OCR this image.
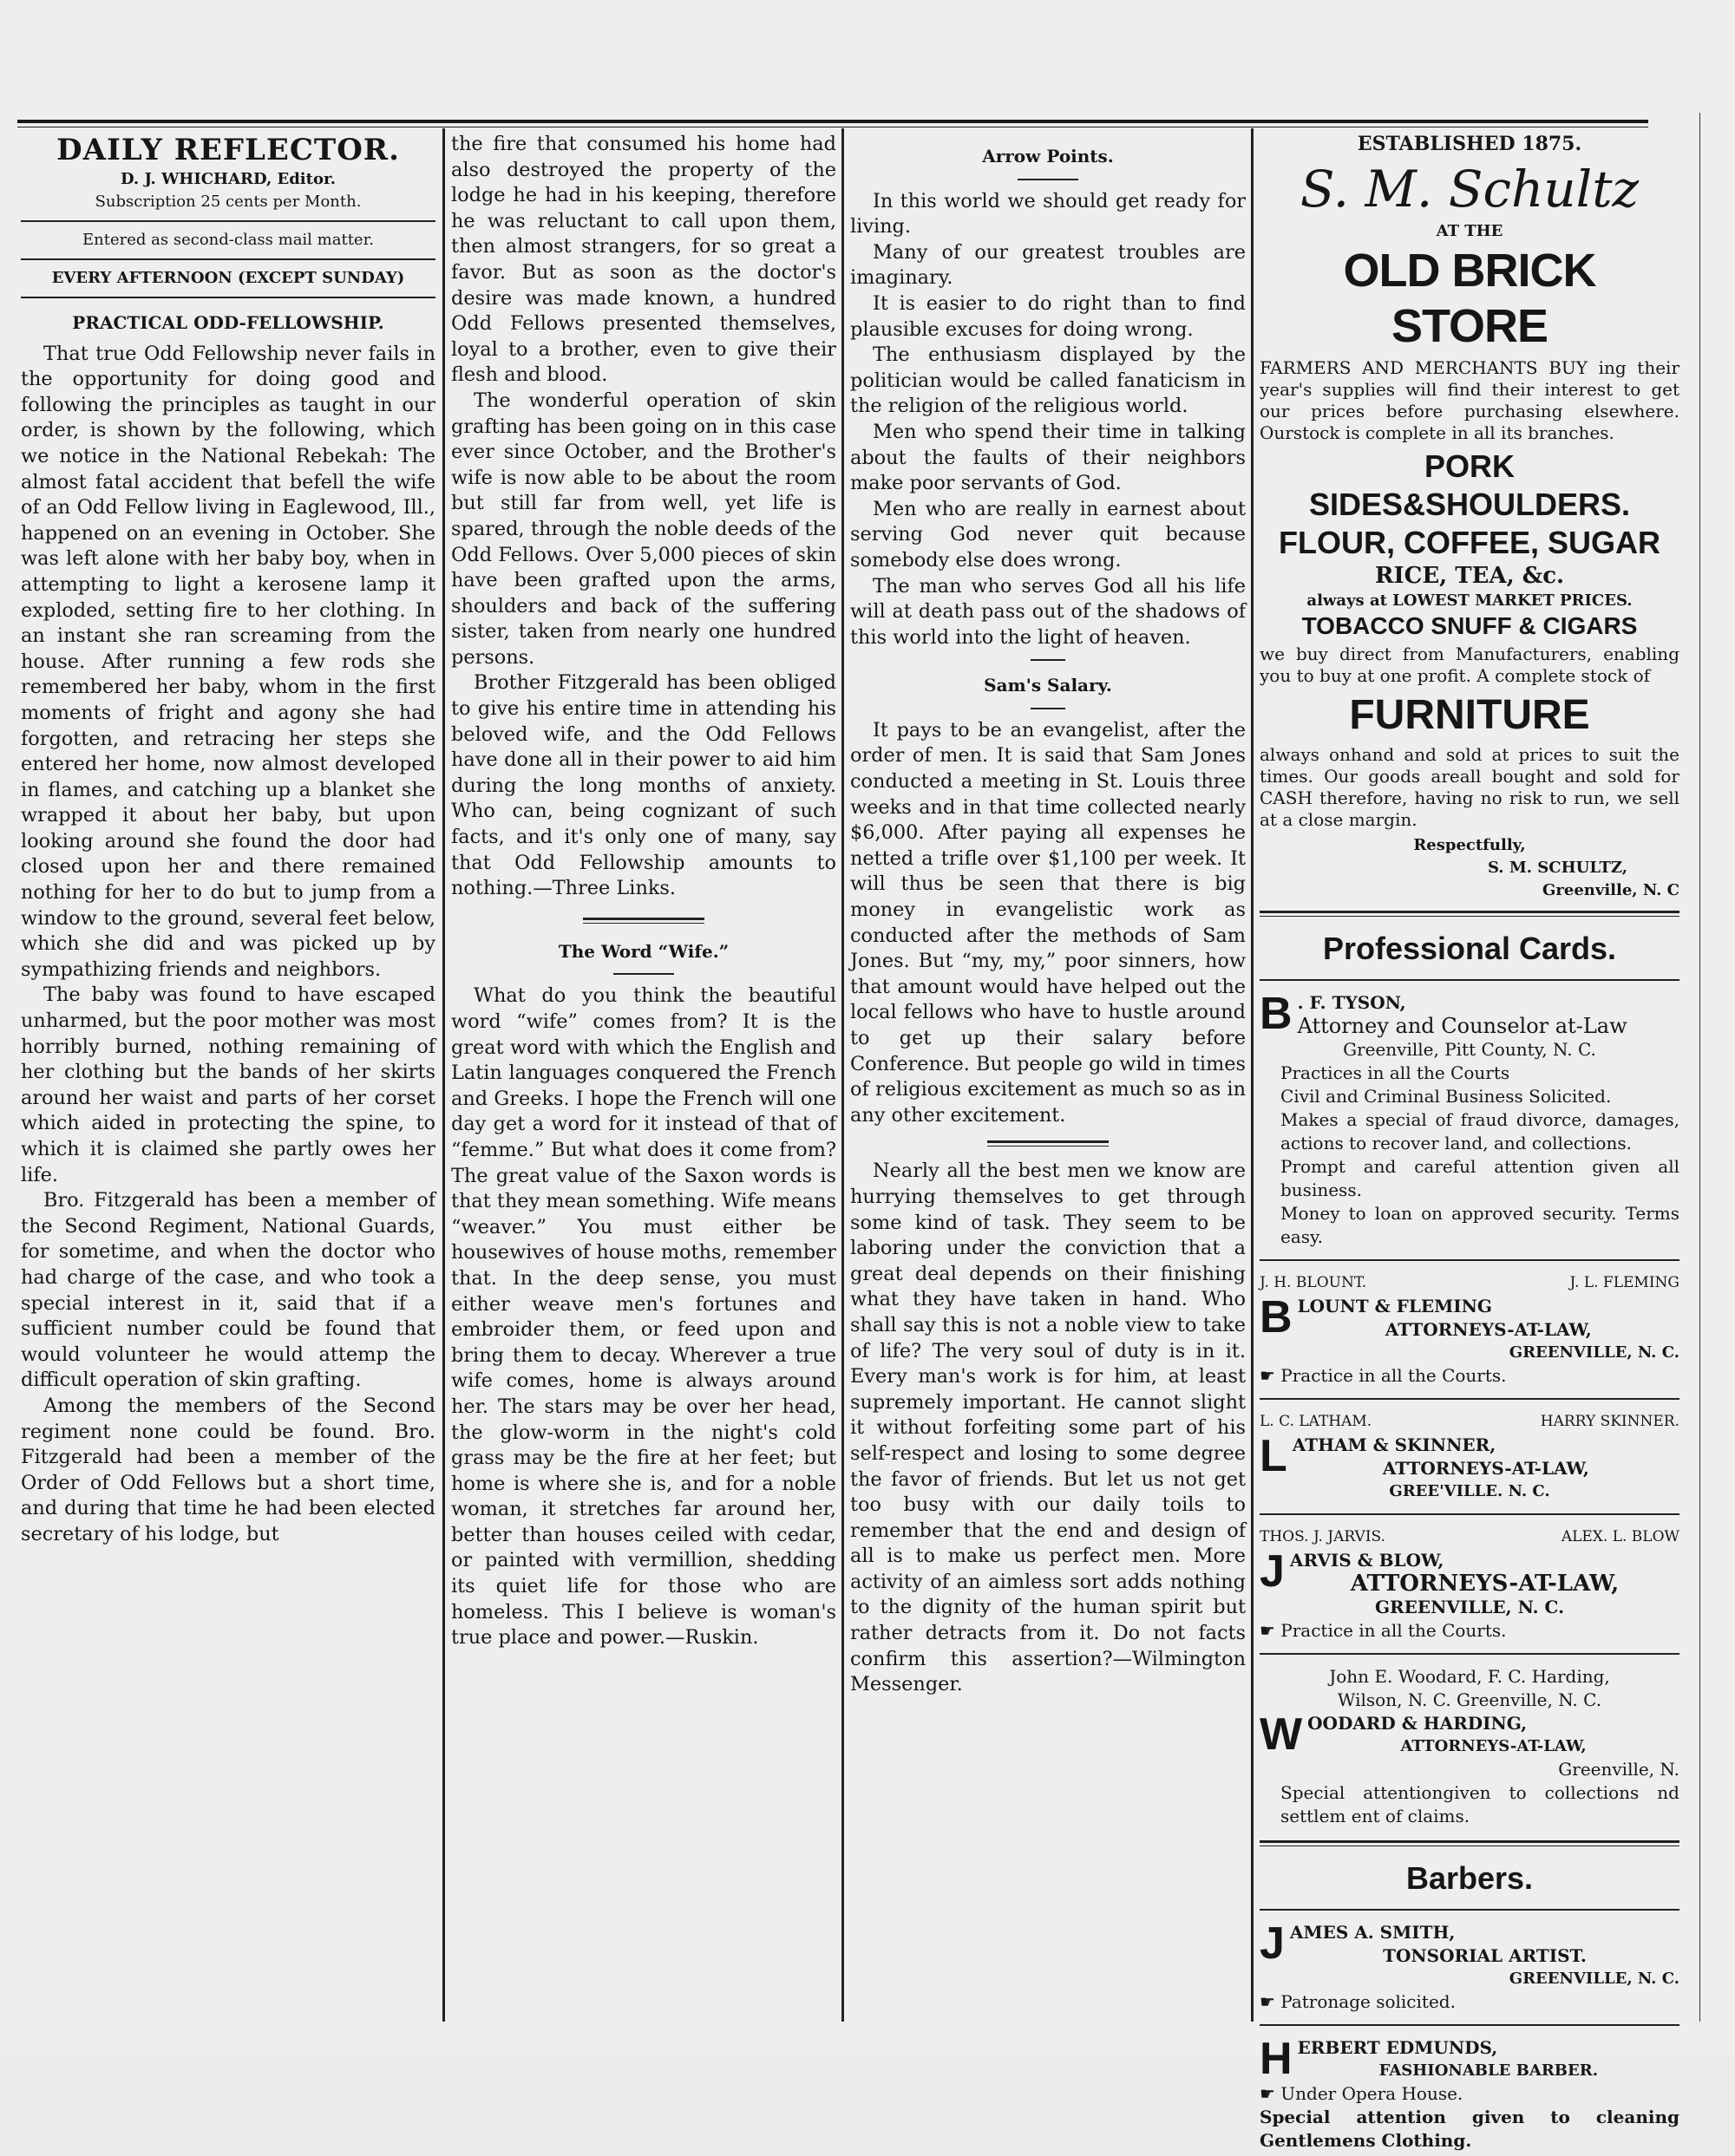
DAILY REFLECTOR.
D. J. WHICHARD, Editor.
Subscription 25 cents per Month.
Entered as second-class mail matter.
EVERY AFTERNOON (EXCEPT SUNDAY)
PRACTICAL ODD-FELLOWSHIP.

That true Odd Fellowship never fails in the opportunity for doing good and following the principles as taught in our order, is shown by the following, which we notice in the National Rebekah: The almost fatal accident that befell the wife of an Odd Fellow living in Eaglewood, Ill., happened on an evening in October. She was left alone with her baby boy, when in attempting to light a kerosene lamp it exploded, setting fire to her clothing. In an instant she ran screaming from the house. After running a few rods she remembered her baby, whom in the first moments of fright and agony she had forgotten, and retracing her steps she entered her home, now almost developed in flames, and catching up a blanket she wrapped it about her baby, but upon looking around she found the door had closed upon her and there remained nothing for her to do but to jump from a window to the ground, several feet below, which she did and was picked up by sympathizing friends and neighbors.

The baby was found to have escaped unharmed, but the poor mother was most horribly burned, nothing remaining of her clothing but the bands of her skirts around her waist and parts of her corset which aided in protecting the spine, to which it is claimed she partly owes her life.

Bro. Fitzgerald has been a member of the Second Regiment, National Guards, for sometime, and when the doctor who had charge of the case, and who took a special interest in it, said that if a sufficient number could be found that would volunteer he would attemp the difficult operation of skin grafting.

Among the members of the Second regiment none could be found. Bro. Fitzgerald had been a member of the Order of Odd Fellows but a short time, and during that time he had been elected secretary of his lodge, but

the fire that consumed his home had also destroyed the property of the lodge he had in his keeping, therefore he was reluctant to call upon them, then almost strangers, for so great a favor. But as soon as the doctor's desire was made known, a hundred Odd Fellows presented themselves, loyal to a brother, even to give their flesh and blood.

The wonderful operation of skin grafting has been going on in this case ever since October, and the Brother's wife is now able to be about the room but still far from well, yet life is spared, through the noble deeds of the Odd Fellows. Over 5,000 pieces of skin have been grafted upon the arms, shoulders and back of the suffering sister, taken from nearly one hundred persons.

Brother Fitzgerald has been obliged to give his entire time in attending his beloved wife, and the Odd Fellows have done all in their power to aid him during the long months of anxiety. Who can, being cognizant of such facts, and it's only one of many, say that Odd Fellowship amounts to nothing.—Three Links.

The Word “Wife.”

What do you think the beautiful word “wife” comes from? It is the great word with which the English and Latin languages conquered the French and Greeks. I hope the French will one day get a word for it instead of that of “femme.” But what does it come from? The great value of the Saxon words is that they mean something. Wife means “weaver.” You must either be housewives of house moths, remember that. In the deep sense, you must either weave men's fortunes and embroider them, or feed upon and bring them to decay. Wherever a true wife comes, home is always around her. The stars may be over her head, the glow-worm in the night's cold grass may be the fire at her feet; but home is where she is, and for a noble woman, it stretches far around her, better than houses ceiled with cedar, or painted with vermillion, shedding its quiet life for those who are homeless. This I believe is woman's true place and power.—Ruskin.

Arrow Points.

In this world we should get ready for living.

Many of our greatest troubles are imaginary.

It is easier to do right than to find plausible excuses for doing wrong.

The enthusiasm displayed by the politician would be called fanaticism in the religion of the religious world.

Men who spend their time in talking about the faults of their neighbors make poor servants of God.

Men who are really in earnest about serving God never quit because somebody else does wrong.

The man who serves God all his life will at death pass out of the shadows of this world into the light of heaven.

Sam's Salary.

It pays to be an evangelist, after the order of men. It is said that Sam Jones conducted a meeting in St. Louis three weeks and in that time collected nearly $6,000. After paying all expenses he netted a trifle over $1,100 per week. It will thus be seen that there is big money in evangelistic work as conducted after the methods of Sam Jones. But “my, my,” poor sinners, how that amount would have helped out the local fellows who have to hustle around to get up their salary before Conference. But people go wild in times of religious excitement as much so as in any other excitement.

Nearly all the best men we know are hurrying themselves to get through some kind of task. They seem to be laboring under the conviction that a great deal depends on their finishing what they have taken in hand. Who shall say this is not a noble view to take of life? The very soul of duty is in it. Every man's work is for him, at least supremely important. He cannot slight it without forfeiting some part of his self-respect and losing to some degree the favor of friends. But let us not get too busy with our daily toils to remember that the end and design of all is to make us perfect men. More activity of an aimless sort adds nothing to the dignity of the human spirit but rather detracts from it. Do not facts confirm this assertion?—Wilmington Messenger.

ESTABLISHED 1875.
S. M. Schultz
AT THE
OLD BRICK STORE
FARMERS AND MERCHANTS BUY ing their year's supplies will find their interest to get our prices before purchasing elsewhere. Ourstock is complete in all its branches.
PORK SIDES&SHOULDERS.
FLOUR, COFFEE, SUGAR
RICE, TEA, &c.
always at LOWEST MARKET PRICES.
TOBACCO SNUFF & CIGARS
we buy direct from Manufacturers, enabling you to buy at one profit. A complete stock of
FURNITURE
always onhand and sold at prices to suit the times. Our goods areall bought and sold for CASH therefore, having no risk to run, we sell at a close margin.
Respectfully,
S. M. SCHULTZ,
Greenville, N. C
Professional Cards.
B . F. TYSON,
Attorney and Counselor at-Law
Greenville, Pitt County, N. C.
Practices in all the Courts
Civil and Criminal Business Solicited.
Makes a special of fraud divorce, damages, actions to recover land, and collections.
Prompt and careful attention given all business.
Money to loan on approved security. Terms easy.
J. H. BLOUNT.	J. L. FLEMING
B LOUNT & FLEMING
ATTORNEYS-AT-LAW,
GREENVILLE, N. C.
☛ Practice in all the Courts.
L. C. LATHAM.	HARRY SKINNER.
L ATHAM & SKINNER,
ATTORNEYS-AT-LAW,
GREE'VILLE. N. C.
THOS. J. JARVIS.	ALEX. L. BLOW
J ARVIS & BLOW,
ATTORNEYS-AT-LAW,
GREENVILLE, N. C.
☛ Practice in all the Courts.
John E. Woodard, F. C. Harding,
Wilson, N. C. Greenville, N. C.
W OODARD & HARDING,
ATTORNEYS-AT-LAW,
Greenville, N.
Special attentiongiven to collections nd settlem ent of claims.
Barbers.
J AMES A. SMITH,
TONSORIAL ARTIST.
GREENVILLE, N. C.
☛ Patronage solicited.
H ERBERT EDMUNDS,
FASHIONABLE BARBER.
☛ Under Opera House.
Special attention given to cleaning Gentlemens Clothing.
